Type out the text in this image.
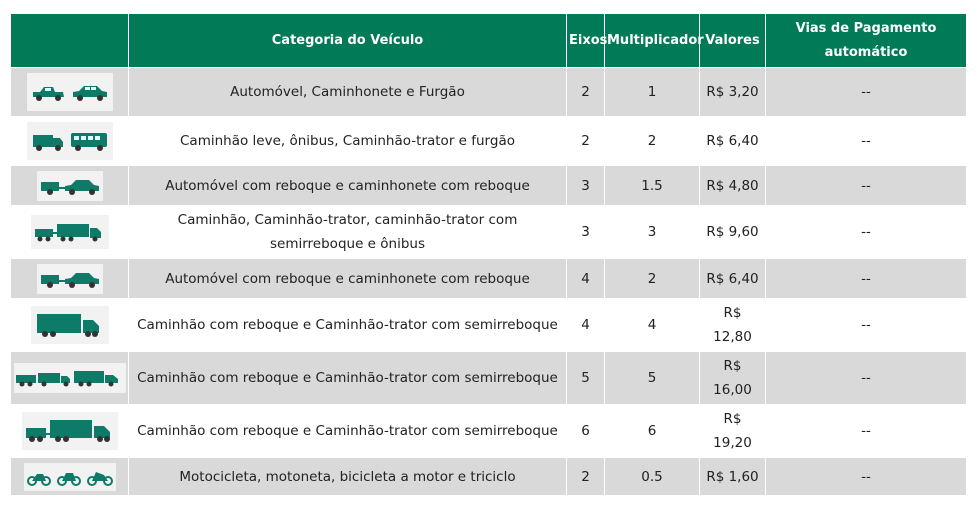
	Categoria do Veículo	Eixos	Multiplicador	Valores	Vias de Pagamento automático

	Automóvel, Caminhonete e Furgão	2	1	R$ 3,20	--

	Caminhão leve, ônibus, Caminhão-trator e furgão	2	2	R$ 6,40	--

	Automóvel com reboque e caminhonete com reboque	3	1.5	R$ 4,80	--

	Caminhão, Caminhão-trator, caminhão-trator com semirreboque e ônibus	3	3	R$ 9,60	--

	Automóvel com reboque e caminhonete com reboque	4	2	R$ 6,40	--

	Caminhão com reboque e Caminhão-trator com semirreboque	4	4	R$ 12,80	--

	Caminhão com reboque e Caminhão-trator com semirreboque	5	5	R$ 16,00	--

	Caminhão com reboque e Caminhão-trator com semirreboque	6	6	R$ 19,20	--

	Motocicleta, motoneta, bicicleta a motor e triciclo	2	0.5	R$ 1,60	--
